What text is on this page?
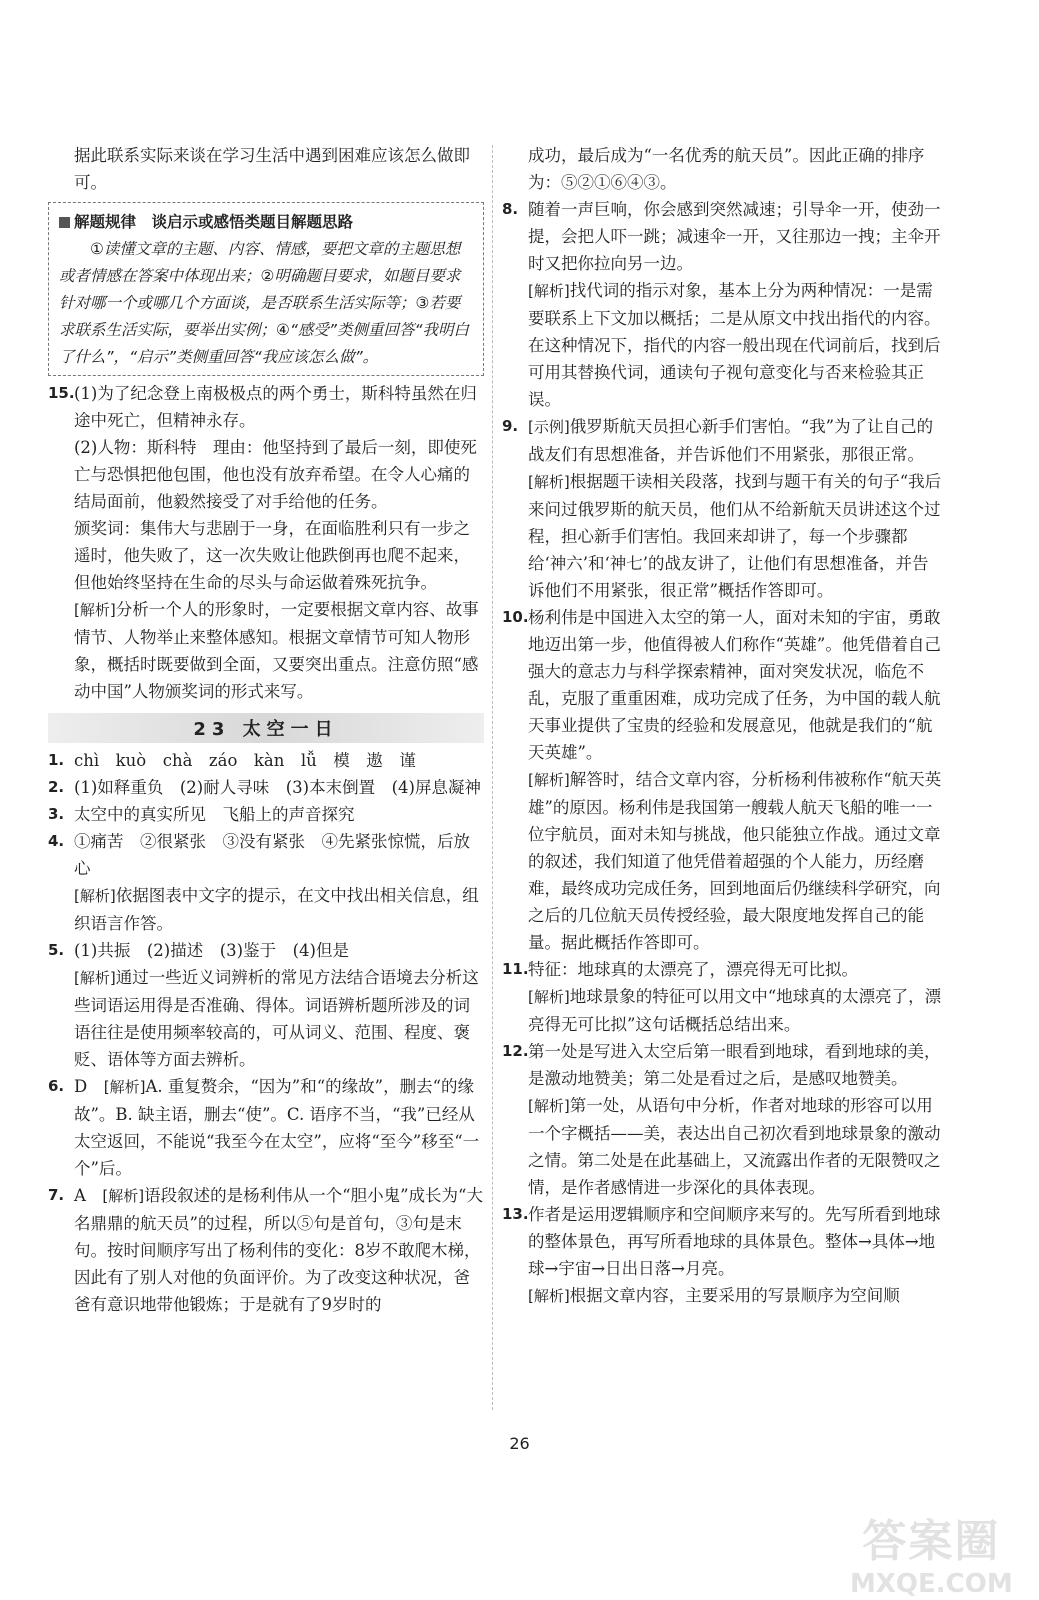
据此联系实际来谈在学习生活中遇到困难应该怎么做即可。

解题规律　 谈启示或感悟类题目解题思路
①读懂文章的主题、内容、情感，要把文章的主题思想或者情感在答案中体现出来；②明确题目要求，如题目要求针对哪一个或哪几个方面谈，是否联系生活实际等；③若要求联系生活实际，要举出实例；④“感受”类侧重回答“我明白了什么”，“启示”类侧重回答“我应该怎么做”。
15. (1)为了纪念登上南极极点的两个勇士，斯科特虽然在归途中死亡，但精神永存。
(2)人物：斯科特　理由：他坚持到了最后一刻，即使死亡与恐惧把他包围，他也没有放弃希望。在令人心痛的结局面前，他毅然接受了对手给他的任务。
颁奖词：集伟大与悲剧于一身，在面临胜利只有一步之遥时，他失败了，这一次失败让他跌倒再也爬不起来，但他始终坚持在生命的尽头与命运做着殊死抗争。
[解析]分析一个人的形象时，一定要根据文章内容、故事情节、人物举止来整体感知。根据文章情节可知人物形象，概括时既要做到全面，又要突出重点。注意仿照“感动中国”人物颁奖词的形式来写。
23 太空一日
1. chì　kuò　chà　záo　kàn　lǚ　模　遨　谨
2. (1)如释重负　(2)耐人寻味　(3)本末倒置　(4)屏息凝神
3. 太空中的真实所见　飞船上的声音探究
4. ①痛苦　②很紧张　③没有紧张　④先紧张惊慌，后放心
[解析]依据图表中文字的提示，在文中找出相关信息，组织语言作答。
5. (1)共振　(2)描述　(3)鉴于　(4)但是
[解析]通过一些近义词辨析的常见方法结合语境去分析这些词语运用得是否准确、得体。词语辨析题所涉及的词语往往是使用频率较高的，可从词义、范围、程度、褒贬、语体等方面去辨析。
6. D　 [解析]A. 重复赘余，“因为”和“的缘故”，删去“的缘故”。B. 缺主语，删去“使”。C. 语序不当，“我”已经从太空返回，不能说“我至今在太空”，应将“至今”移至“一个”后。
7. A　 [解析]语段叙述的是杨利伟从一个“胆小鬼”成长为“大名鼎鼎的航天员”的过程，所以⑤句是首句，③句是末句。按时间顺序写出了杨利伟的变化：8岁不敢爬木梯，因此有了别人对他的负面评价。为了改变这种状况，爸爸有意识地带他锻炼；于是就有了9岁时的
成功，最后成为“一名优秀的航天员”。因此正确的排序为：⑤②①⑥④③。
8. 随着一声巨响，你会感到突然减速；引导伞一开，使劲一提，会把人吓一跳；减速伞一开，又往那边一拽；主伞开时又把你拉向另一边。
[解析]找代词的指示对象，基本上分为两种情况：一是需要联系上下文加以概括；二是从原文中找出指代的内容。在这种情况下，指代的内容一般出现在代词前后，找到后可用其替换代词，通读句子视句意变化与否来检验其正误。
9. [示例]俄罗斯航天员担心新手们害怕。“我”为了让自己的战友们有思想准备，并告诉他们不用紧张，那很正常。
[解析]根据题干读相关段落，找到与题干有关的句子“我后来问过俄罗斯的航天员，他们从不给新航天员讲述这个过程，担心新手们害怕。我回来却讲了，每一个步骤都给‘神六’和‘神七’的战友讲了，让他们有思想准备，并告诉他们不用紧张，很正常”概括作答即可。
10. 杨利伟是中国进入太空的第一人，面对未知的宇宙，勇敢地迈出第一步，他值得被人们称作“英雄”。他凭借着自己强大的意志力与科学探索精神，面对突发状况，临危不乱，克服了重重困难，成功完成了任务，为中国的载人航天事业提供了宝贵的经验和发展意见，他就是我们的“航天英雄”。
[解析]解答时，结合文章内容，分析杨利伟被称作“航天英雄”的原因。杨利伟是我国第一艘载人航天飞船的唯一一位宇航员，面对未知与挑战，他只能独立作战。通过文章的叙述，我们知道了他凭借着超强的个人能力，历经磨难，最终成功完成任务，回到地面后仍继续科学研究，向之后的几位航天员传授经验，最大限度地发挥自己的能量。据此概括作答即可。
11. 特征：地球真的太漂亮了，漂亮得无可比拟。
[解析]地球景象的特征可以用文中“地球真的太漂亮了，漂亮得无可比拟”这句话概括总结出来。
12. 第一处是写进入太空后第一眼看到地球，看到地球的美，是激动地赞美；第二处是看过之后，是感叹地赞美。
[解析]第一处，从语句中分析，作者对地球的形容可以用一个字概括——美，表达出自己初次看到地球景象的激动之情。第二处是在此基础上，又流露出作者的无限赞叹之情，是作者感情进一步深化的具体表现。
13. 作者是运用逻辑顺序和空间顺序来写的。先写所看到地球的整体景色，再写所看地球的具体景色。整体→具体→地球→宇宙→日出日落→月亮。
[解析]根据文章内容，主要采用的写景顺序为空间顺
26
答案圈
MXQE.COM
